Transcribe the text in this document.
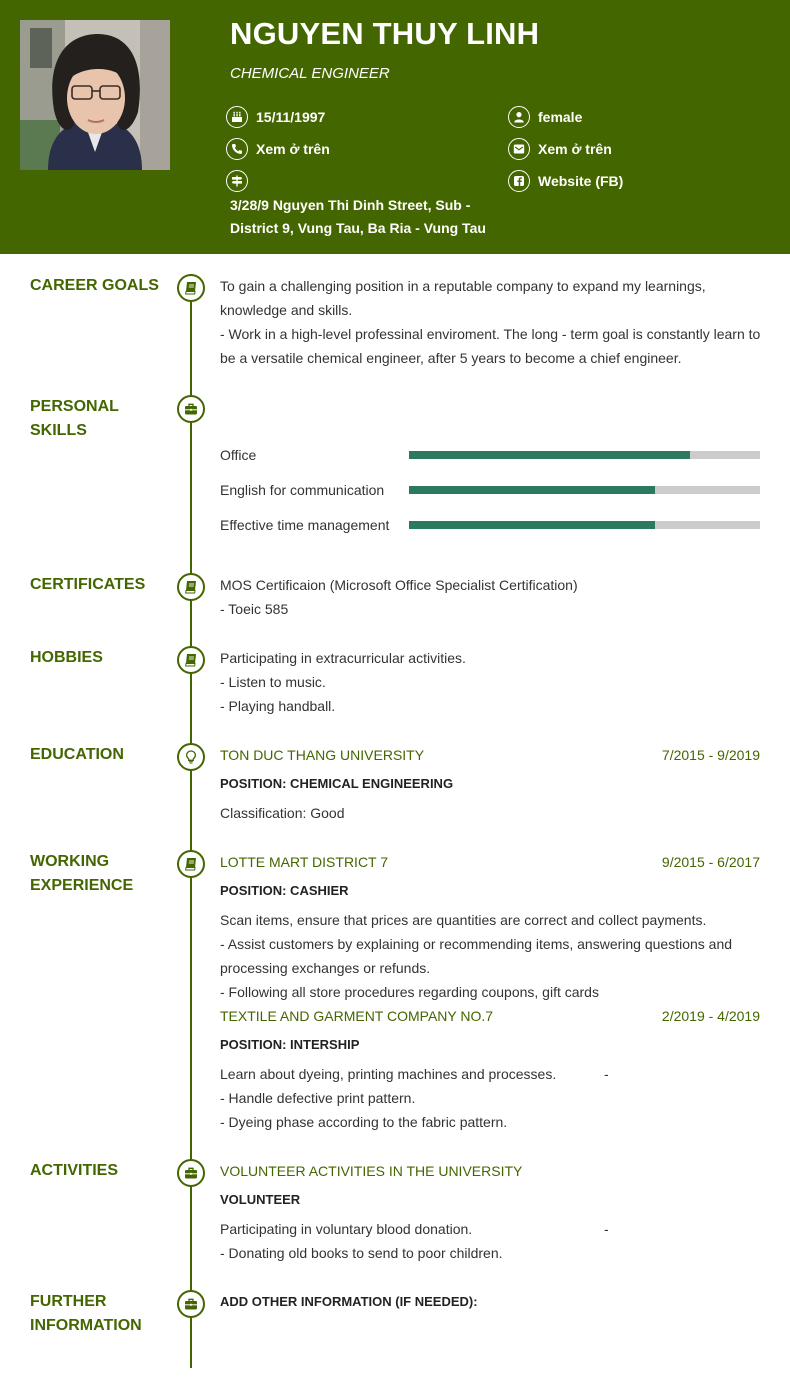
NGUYEN THUY LINH
CHEMICAL ENGINEER
15/11/1997	female
Xem ở trên	Xem ở trên
Website (FB)
3/28/9 Nguyen Thi Dinh Street, Sub - District 9, Vung Tau, Ba Ria - Vung Tau
CAREER GOALS	To gain a challenging position in a reputable company to expand my learnings, knowledge and skills.
- Work in a high-level professinal enviroment. The long - term goal is constantly learn to be a versatile chemical engineer, after 5 years to become a chief engineer.
PERSONAL SKILLS
Office
English for communication
Effective time management
CERTIFICATES	MOS Certificaion (Microsoft Office Specialist Certification)
- Toeic 585
HOBBIES	Participating in extracurricular activities.
- Listen to music.
- Playing handball.
EDUCATION	TON DUC THANG UNIVERSITY	7/2015 - 9/2019
POSITION: CHEMICAL ENGINEERING
Classification: Good
WORKING EXPERIENCE
LOTTE MART DISTRICT 7	9/2015 - 6/2017
POSITION: CASHIER
Scan items, ensure that prices are quantities are correct and collect payments.
- Assist customers by explaining or recommending items, answering questions and processing exchanges or refunds.
- Following all store procedures regarding coupons, gift cards
TEXTILE AND GARMENT COMPANY NO.7	2/2019 - 4/2019
POSITION: INTERSHIP
Learn about dyeing, printing machines and processes.
- Handle defective print pattern.
- Dyeing phase according to the fabric pattern.
-
ACTIVITIES	VOLUNTEER ACTIVITIES IN THE UNIVERSITY
VOLUNTEER
Participating in voluntary blood donation.
- Donating old books to send to poor children.
-
FURTHER INFORMATION
ADD OTHER INFORMATION (IF NEEDED):
